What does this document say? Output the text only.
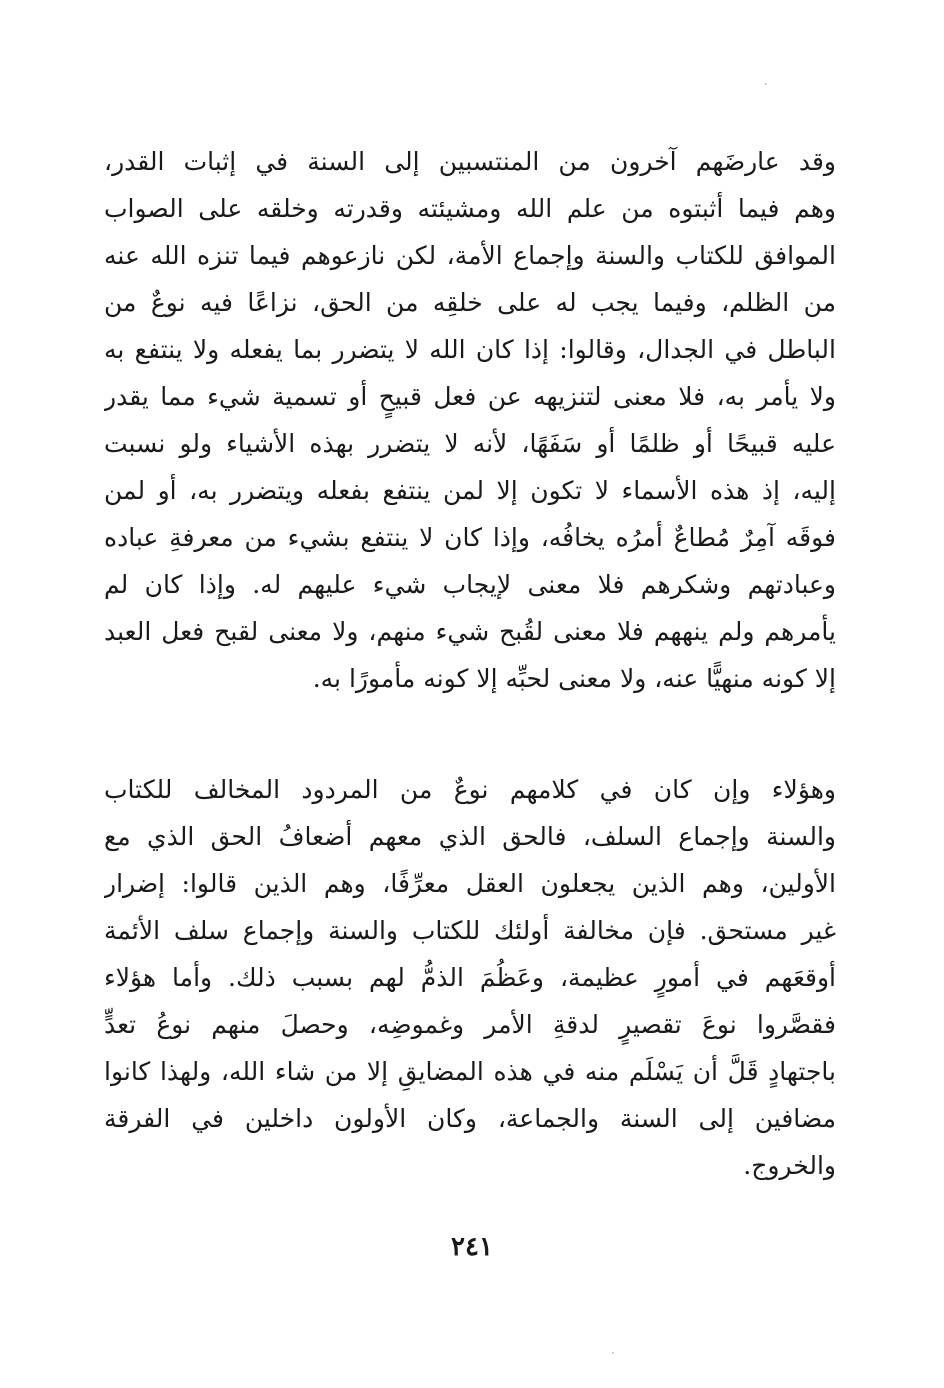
وقد عارضَهم آخرون من المنتسبين إلى السنة في إثبات القدر،
وهم فيما أثبتوه من علم الله ومشيئته وقدرته وخلقه على الصواب
الموافق للكتاب والسنة وإجماع الأمة، لكن نازعوهم فيما تنزه الله عنه
من الظلم، وفيما يجب له على خلقِه من الحق، نزاعًا فيه نوعٌ من
الباطل في الجدال، وقالوا: إذا كان الله لا يتضرر بما يفعله ولا ينتفع به
ولا يأمر به، فلا معنى لتنزيهه عن فعل قبيحٍ أو تسمية شيء مما يقدر
عليه قبيحًا أو ظلمًا أو سَفَهًا، لأنه لا يتضرر بهذه الأشياء ولو نسبت
إليه، إذ هذه الأسماء لا تكون إلا لمن ينتفع بفعله ويتضرر به، أو لمن
فوقَه آمِرٌ مُطاعٌ أمرُه يخافُه، وإذا كان لا ينتفع بشيء من معرفةِ عباده
وعبادتهم وشكرهم فلا معنى لإيجاب شيء عليهم له. وإذا كان لم
يأمرهم ولم ينههم فلا معنى لقُبح شيء منهم، ولا معنى لقبح فعل العبد
إلا كونه منهيًّا عنه، ولا معنى لحبِّه إلا كونه مأمورًا به.
وهؤلاء وإن كان في كلامهم نوعٌ من المردود المخالف للكتاب
والسنة وإجماع السلف، فالحق الذي معهم أضعافُ الحق الذي مع
الأولين، وهم الذين يجعلون العقل معرِّفًا، وهم الذين قالوا: إضرار
غير مستحق. فإن مخالفة أولئك للكتاب والسنة وإجماع سلف الأئمة
أوقعَهم في أمورٍ عظيمة، وعَظُمَ الذمُّ لهم بسبب ذلك. وأما هؤلاء
فقصَّروا نوعَ تقصيرٍ لدقةِ الأمر وغموضِه، وحصلَ منهم نوعُ تعدٍّ
باجتهادٍ قَلَّ أن يَسْلَم منه في هذه المضايقِ إلا من شاء الله، ولهذا كانوا
مضافين إلى السنة والجماعة، وكان الأولون داخلين في الفرقة
والخروج.
٢٤١
